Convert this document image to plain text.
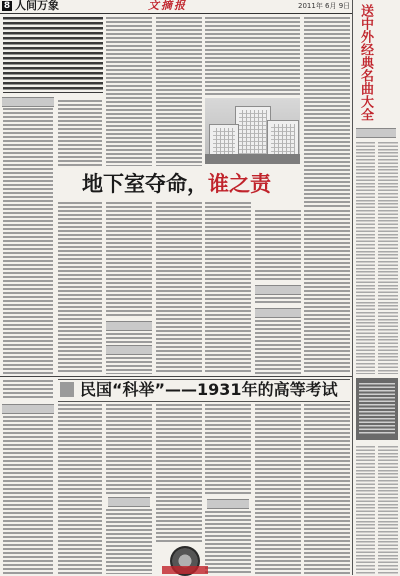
8 人间万象	文摘报	2011年 6月 9日 送中外经典名曲大全
地下室夺命，谁之责
民国“科举”——1931年的高等考试
